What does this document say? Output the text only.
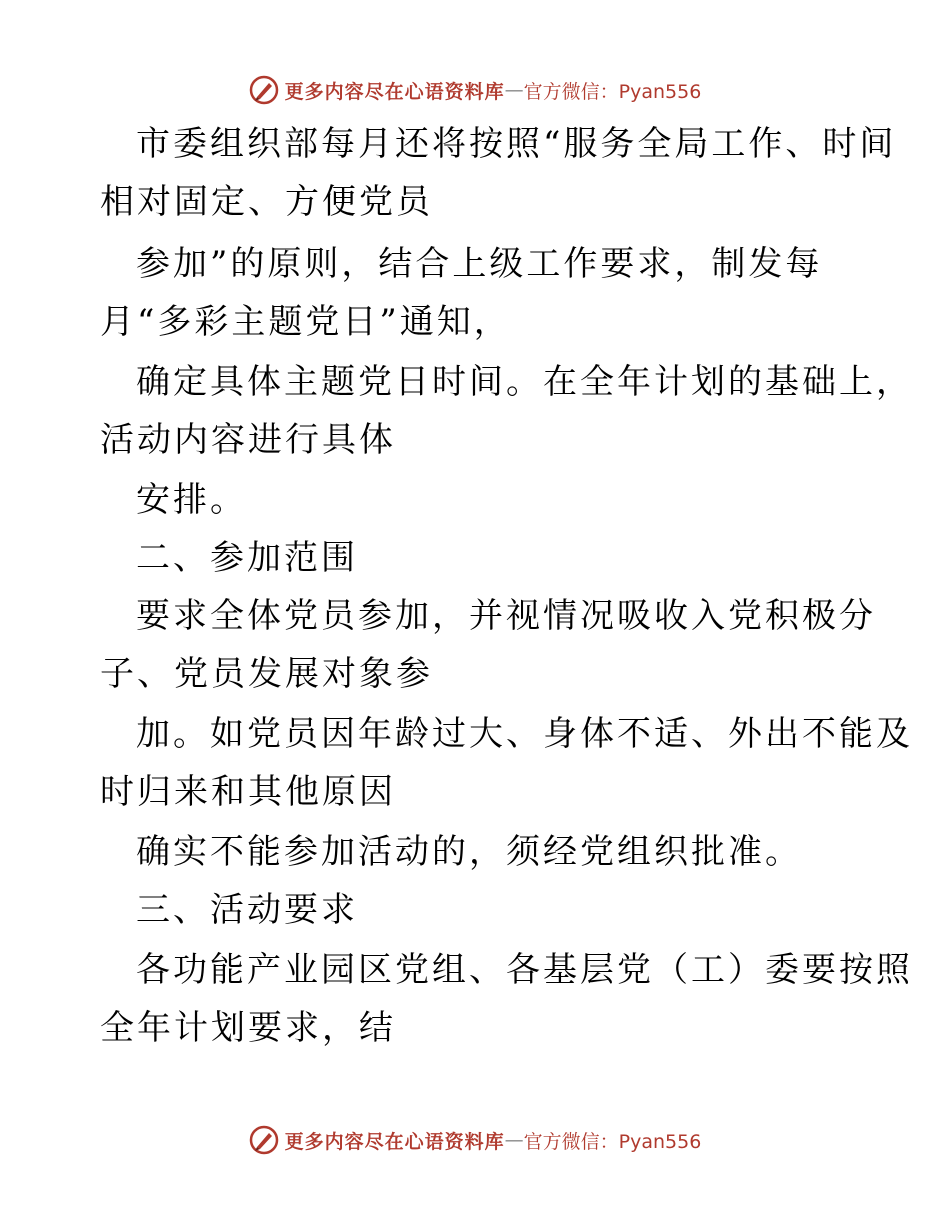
更多内容尽在心语资料库 — 官方微信：Pyan556
市委组织部每月还将按照“服务全局工作、时间
相对固定、方便党员
参加”的原则，结合上级工作要求，制发每
月“多彩主题党日”通知，
确定具体主题党日时间。在全年计划的基础上，
活动内容进行具体
安排。
二、参加范围
要求全体党员参加，并视情况吸收入党积极分
子、党员发展对象参
加。如党员因年龄过大、身体不适、外出不能及
时归来和其他原因
确实不能参加活动的，须经党组织批准。
三、活动要求
各功能产业园区党组、各基层党（工）委要按照
全年计划要求，结
更多内容尽在心语资料库 — 官方微信：Pyan556
